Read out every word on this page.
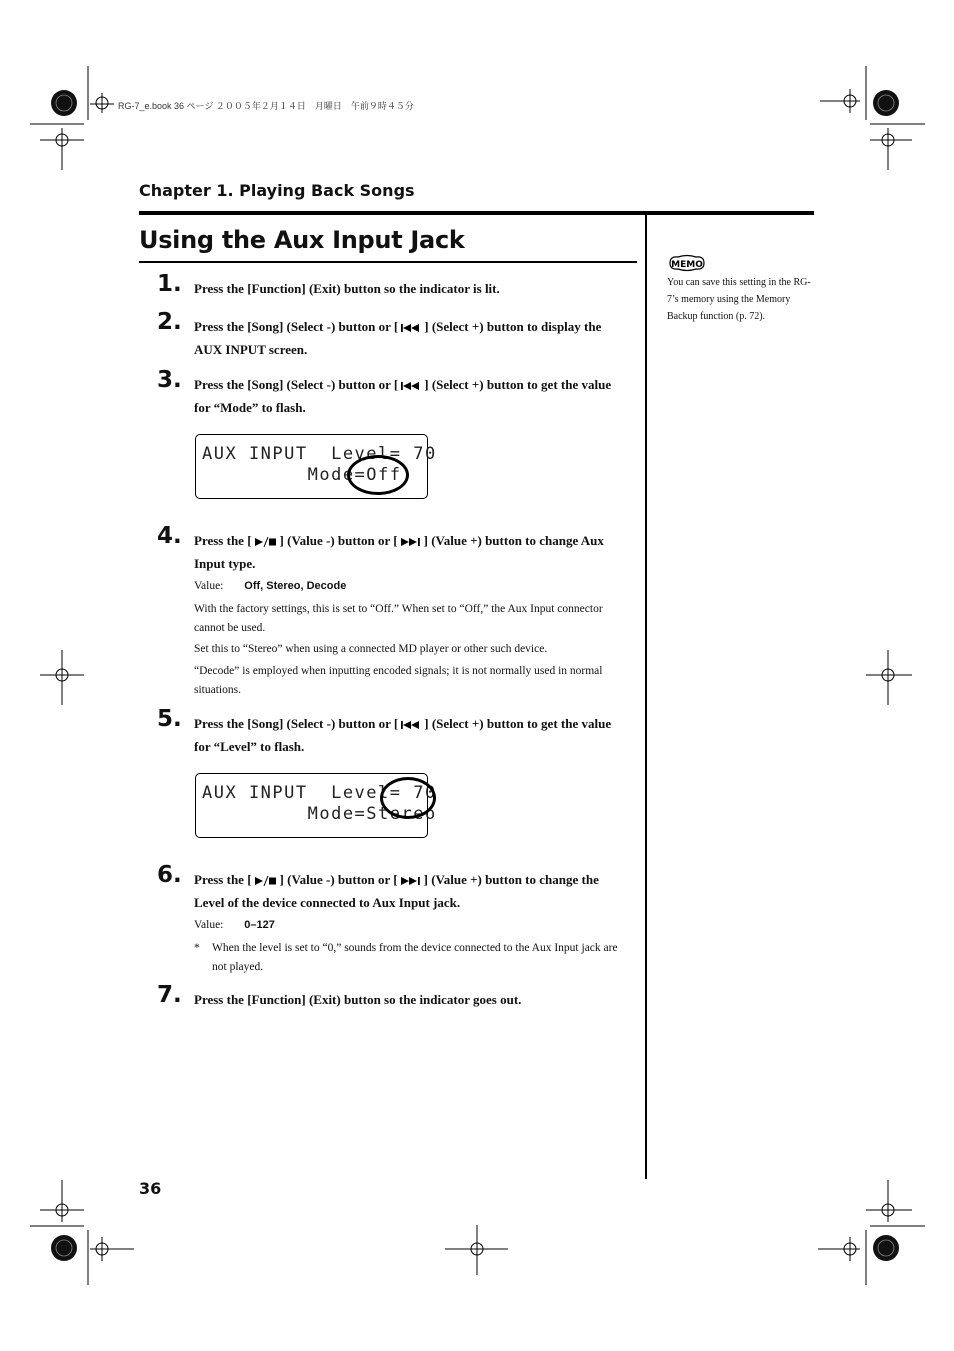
RG-7_e.book 36 ページ ２００５年２月１４日　月曜日　午前９時４５分
Chapter 1. Playing Back Songs
Using the Aux Input Jack
1. Press the [Function] (Exit) button so the indicator is lit.
2. Press the [Song] (Select -) button or [ ] (Select +) button to display the AUX INPUT screen.
3. Press the [Song] (Select -) button or [ ] (Select +) button to get the value for “Mode” to flash.
AUX INPUT  Level= 70
Mode=Off
4. Press the [ ] (Value -) button or [ ] (Value +) button to change Aux Input type.
Value: Off, Stereo, Decode
With the factory settings, this is set to “Off.” When set to “Off,” the Aux Input connector cannot be used.
Set this to “Stereo” when using a connected MD player or other such device.
“Decode” is employed when inputting encoded signals; it is not normally used in normal situations.
5. Press the [Song] (Select -) button or [ ] (Select +) button to get the value for “Level” to flash.
AUX INPUT  Level= 70
Mode=Stereo
6. Press the [ ] (Value -) button or [ ] (Value +) button to change the Level of the device connected to Aux Input jack.
Value: 0–127
* When the level is set to “0,” sounds from the device connected to the Aux Input jack are not played.
7. Press the [Function] (Exit) button so the indicator goes out.
MEMO
You can save this setting in the RG-7’s memory using the Memory Backup function (p. 72).
36
